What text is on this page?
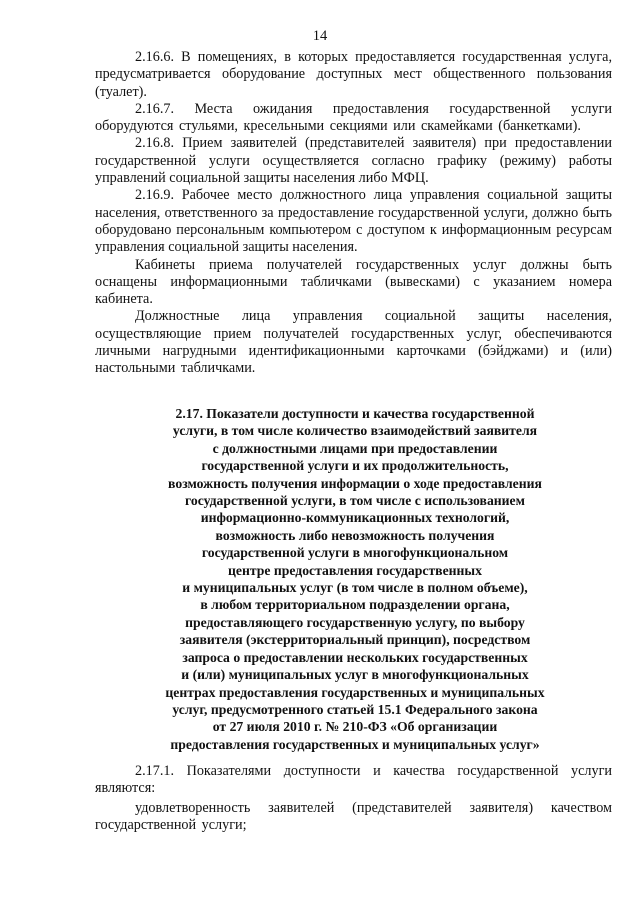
14

2.16.6. В помещениях, в которых предоставляется государственная услуга, предусматривается оборудование доступных мест общественного пользования (туалет).

2.16.7. Места ожидания предоставления государственной услуги оборудуются стульями, кресельными секциями или скамейками (банкетками).

2.16.8. Прием заявителей (представителей заявителя) при предоставлении государственной услуги осуществляется согласно графику (режиму) работы управлений социальной защиты населения либо МФЦ.

2.16.9. Рабочее место должностного лица управления социальной защиты населения, ответственного за предоставление государственной услуги, должно быть оборудовано персональным компьютером с доступом к информационным ресурсам управления социальной защиты населения.

Кабинеты приема получателей государственных услуг должны быть оснащены информационными табличками (вывесками) с указанием номера кабинета.

Должностные лица управления социальной защиты населения, осуществляющие прием получателей государственных услуг, обеспечиваются личными нагрудными идентификационными карточками (бэйджами) и (или) настольными табличками.

2.17. Показатели доступности и качества государственной
услуги, в том числе количество взаимодействий заявителя
с должностными лицами при предоставлении
государственной услуги и их продолжительность,
возможность получения информации о ходе предоставления
государственной услуги, в том числе с использованием
информационно-коммуникационных технологий,
возможность либо невозможность получения
государственной услуги в многофункциональном
центре предоставления государственных
и муниципальных услуг (в том числе в полном объеме),
в любом территориальном подразделении органа,
предоставляющего государственную услугу, по выбору
заявителя (экстерриториальный принцип), посредством
запроса о предоставлении нескольких государственных
и (или) муниципальных услуг в многофункциональных
центрах предоставления государственных и муниципальных
услуг, предусмотренного статьей 15.1 Федерального закона
от 27 июля 2010 г. № 210-ФЗ «Об организации
предоставления государственных и муниципальных услуг»

2.17.1. Показателями доступности и качества государственной услуги являются:

удовлетворенность заявителей (представителей заявителя) качеством государственной услуги;
